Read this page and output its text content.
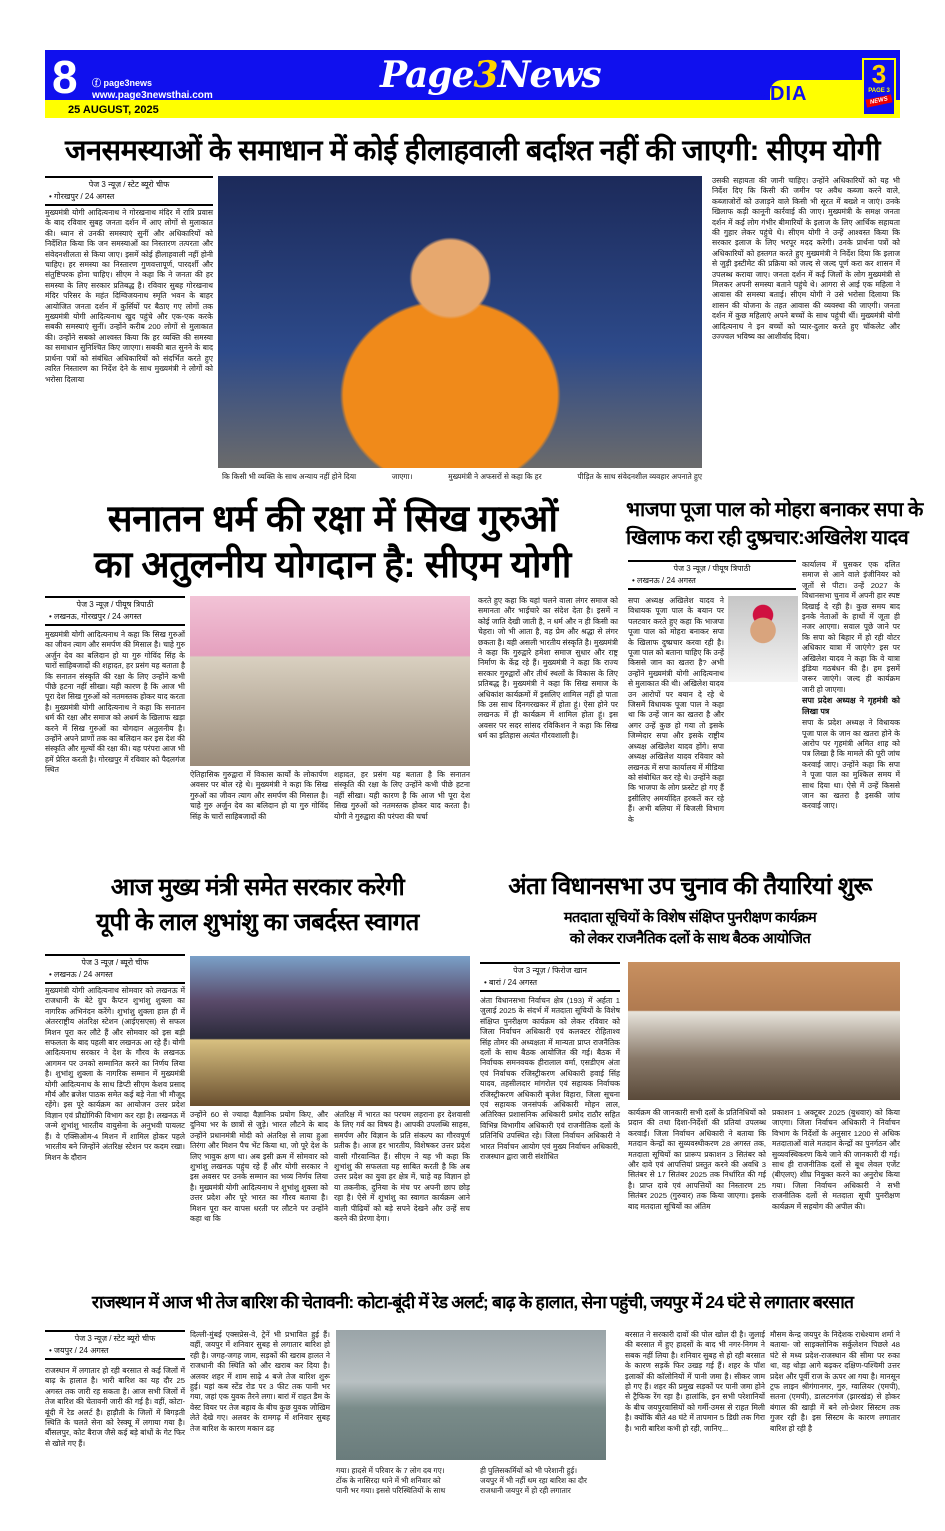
8 ⓕ page3news
www.page3newsthai.com
25 AUGUST, 2025
Page3News	INDIA
3
PAGE 3
NEWS
जनसमस्याओं के समाधान में कोई हीलाहवाली बर्दाश्त नहीं की जाएगी: सीएम योगी
पेज 3 न्यूज़ / स्टेट ब्यूरो चीफ
• गोरखपुर / 24 अगस्त
मुख्यमंत्री योगी आदित्यनाथ ने गोरखनाथ मंदिर में रात्रि प्रवास के बाद रविवार सुबह जनता दर्शन में आए लोगों से मुलाकात की। ध्यान से उनकी समस्याएं सुनीं और अधिकारियों को निर्देशित किया कि जन समस्याओं का निस्तारण तत्परता और संवेदनशीलता से किया जाए। इसमें कोई हीलाहवाली नहीं होनी चाहिए। हर समस्या का निस्तारण गुणवत्तापूर्ण, पारदर्शी और संतुष्टिपरक होना चाहिए। सीएम ने कहा कि ने जनता की हर समस्या के लिए सरकार प्रतिबद्ध है। रविवार सुबह गोरखनाथ मंदिर परिसर के महंत दिग्विजयनाथ स्मृति भवन के बाहर आयोजित जनता दर्शन में कुर्सियों पर बैठाए गए लोगों तक मुख्यमंत्री योगी आदित्यनाथ खुद पहुंचे और एक-एक करके सबकी समस्याएं सुनीं। उन्होंने करीब 200 लोगों से मुलाकात की। उन्होंने सबको आश्वस्त किया कि हर व्यक्ति की समस्या का समाधान सुनिश्चित किए जाएगा। सबकी बात सुनने के बाद प्रार्थना पत्रों को संबंधित अधिकारियों को संदर्भित करते हुए त्वरित निस्तारण का निर्देश देने के साथ मुख्यमंत्री ने लोगों को भरोसा दिलाया
कि किसी भी व्यक्ति के साथ अन्याय नहीं होने दिया	जाएगा।	मुख्यमंत्री ने अफसरों से कहा कि हर	पीड़ित के साथ संवेदनशील व्यवहार अपनाते हुए
उसकी सहायता की जानी चाहिए। उन्होंने अधिकारियों को यह भी निर्देश दिए कि किसी की जमीन पर अवैध कब्जा करने वाले, कब्जाजोरों को उजाड़ने वाले किसी भी सूरत में बख्शे न जाएं। उनके खिलाफ कड़ी कानूनी कार्रवाई की जाए। मुख्यमंत्री के समक्ष जनता दर्शन में कई लोग गंभीर बीमारियों के इलाज के लिए आर्थिक सहायता की गुहार लेकर पहुंचे थे। सीएम योगी ने उन्हें आश्वस्त किया कि सरकार इलाज के लिए भरपूर मदद करेगी। उनके प्रार्थना पत्रों को अधिकारियों को हस्तगत करते हुए मुख्यमंत्री ने निर्देश दिया कि इलाज से जुड़ी इस्टीमेट की प्रक्रिया को जल्द से जल्द पूर्ण करा कर शासन में उपलब्ध कराया जाए। जनता दर्शन में कई जिलों के लोग मुख्यमंत्री से मिलकर अपनी समस्या बताने पहुंचे थे। आगरा से आई एक महिला ने आवास की समस्या बताई। सीएम योगी ने उसे भरोसा दिलाया कि शासन की योजना के तहत आवास की व्यवस्था की जाएगी। जनता दर्शन में कुछ महिलाएं अपने बच्चों के साथ पहुंची थीं। मुख्यमंत्री योगी आदित्यनाथ ने इन बच्चों को प्यार-दुलार करते हुए चॉकलेट और उज्ज्वल भविष्य का आशीर्वाद दिया।
सनातन धर्म की रक्षा में सिख गुरुओं
का अतुलनीय योगदान है: सीएम योगी
पेज 3 न्यूज़ / पीयूष त्रिपाठी
• लखनऊ, गोरखपुर / 24 अगस्त
मुख्यमंत्री योगी आदित्यनाथ ने कहा कि सिख गुरुओं का जीवन त्याग और समर्पण की मिसाल है। चाहे गुरु अर्जुन देव का बलिदान हो या गुरु गोविंद सिंह के चारों साहिबजादों की शहादत, हर प्रसंग यह बताता है कि सनातन संस्कृति की रक्षा के लिए उन्होंने कभी पीछे हटना नहीं सीखा। यही कारण है कि आज भी पूरा देश सिख गुरुओं को नतमस्तक होकर याद करता है। मुख्यमंत्री योगी आदित्यनाथ ने कहा कि सनातन धर्म की रक्षा और समाज को अधर्म के खिलाफ खड़ा करने में सिख गुरुओं का योगदान अतुलनीय है। उन्होंने अपने प्राणों तक का बलिदान कर इस देश की संस्कृति और मूल्यों की रक्षा की। यह परंपरा आज भी हमें प्रेरित करती है। गोरखपुर में रविवार को पैदलगंज स्थित
ऐतिहासिक गुरुद्वारा में विकास कार्यों के लोकार्पण अवसर पर बोल रहे थे। मुख्यमंत्री ने कहा कि सिख गुरुओं का जीवन त्याग और समर्पण की मिसाल है। चाहे गुरु अर्जुन देव का बलिदान हो या गुरु गोविंद सिंह के चारों साहिबजादों की
शहादत, हर प्रसंग यह बताता है कि सनातन संस्कृति की रक्षा के लिए उन्होंने कभी पीछे हटना नहीं सीखा। यही कारण है कि आज भी पूरा देश सिख गुरुओं को नतमस्तक होकर याद करता है। योगी ने गुरुद्वारा की परंपरा की चर्चा
करते हुए कहा कि यहां चलने वाला लंगर समाज को समानता और भाईचारे का संदेश देता है। इसमें न कोई जाति देखी जाती है, न धर्म और न ही किसी का चेहरा। जो भी आता है, वह प्रेम और श्रद्धा से लंगर छकता है। यही असली भारतीय संस्कृति है। मुख्यमंत्री ने कहा कि गुरुद्वारे हमेशा समाज सुधार और राष्ट्र निर्माण के केंद्र रहे हैं। मुख्यमंत्री ने कहा कि राज्य सरकार गुरुद्वारों और तीर्थ स्थलों के विकास के लिए प्रतिबद्ध है। मुख्यमंत्री ने कहा कि सिख समाज के अधिकांश कार्यक्रमों में इसलिए शामिल नहीं हो पाता कि उस साथ दिनगरखकर में होता हूं। ऐसा होने पर लखनऊ में ही कार्यक्रम में शामिल होता हूं। इस अवसर पर सदर सांसद रविकिशन ने कहा कि सिख धर्म का इतिहास अत्यंत गौरवशाली है।
भाजपा पूजा पाल को मोहरा बनाकर सपा के
खिलाफ करा रही दुष्प्रचार:अखिलेश यादव
पेज 3 न्यूज़ / पीयूष त्रिपाठी
• लखनऊ / 24 अगस्त
सपा अध्यक्ष अखिलेश यादव ने विधायक पूजा पाल के बयान पर पलटवार करते हुए कहा कि भाजपा पूजा पाल को मोहरा बनाकर सपा के खिलाफ दुष्प्रचार करवा रही है। पूजा पाल को बताना चाहिए कि उन्हें किससे जान का खतरा है? अभी उन्होंने मुख्यमंत्री योगी आदित्यनाथ से मुलाकात की थी। अखिलेश यादव उन आरोपों पर बयान दे रहे थे जिसमें विधायक पूजा पाल ने कहा था कि उन्हें जान का खतरा है और अगर उन्हें कुछ हो गया तो इसके जिम्मेदार सपा और इसके राष्ट्रीय अध्यक्ष अखिलेश यादव होंगे। सपा अध्यक्ष अखिलेश यादव रविवार को लखनऊ में सपा कार्यालय में मीडिया को संबोधित कर रहे थे। उन्होंने कहा कि भाजपा के लोग फ्रस्टेट हो गए हैं इसीलिए अमर्यादित हरकतें कर रहे हैं। अभी बलिया में बिजली विभाग के

कार्यालय में घुसकर एक दलित समाज से आने वाले इंजीनियर को जूतों से पीटा। उन्हें 2027 के विधानसभा चुनाव में अपनी हार स्पष्ट दिखाई दे रही है। कुछ समय बाद इनके नेताओं के हाथों में जूता ही नजर आएगा। सवाल पूछे जाने पर कि सपा को बिहार में हो रही वोटर अधिकार यात्रा में जाएंगे? इस पर अखिलेश यादव ने कहा कि वे यात्रा इंडिया गठबंधन की है। हम इसमें जरूर जाएंगे। जल्द ही कार्यक्रम जारी हो जाएगा।

सपा प्रदेश अध्यक्ष ने गृहमंत्री को लिखा पत्र

सपा के प्रदेश अध्यक्ष ने विधायक पूजा पाल के जान का खतरा होने के आरोप पर गृहमंत्री अमित शाह को पत्र लिखा है कि मामले की पूरी जांच करवाई जाए। उन्होंने कहा कि सपा ने पूजा पाल का मुश्किल समय में साथ दिया था। ऐसे में उन्हें किससे जान का खतरा है इसकी जांच करवाई जाए।

आज मुख्य मंत्री समेत सरकार करेगी
यूपी के लाल शुभांशु का जबर्दस्त स्वागत
पेज 3 न्यूज़ / ब्यूरो चीफ
• लखनऊ / 24 अगस्त
मुख्यमंत्री योगी आदित्यनाथ सोमवार को लखनऊ में राजधानी के बेटे ग्रुप कैप्टन शुभांशु शुक्ला का नागरिक अभिनंदन करेंगे। शुभांशु शुक्ला हाल ही में अंतरराष्ट्रीय अंतरिक्ष स्टेशन (आईएसएस) से सफल मिशन पूरा कर लौटे हैं और सोमवार को इस बड़ी सफलता के बाद पहली बार लखनऊ आ रहे हैं। योगी आदित्यनाथ सरकार ने देश के गौरव के लखनऊ आगमन पर उनको सम्मानित करने का निर्णय लिया है। शुभांशु शुक्ला के नागरिक सम्मान में मुख्यमंत्री योगी आदित्यनाथ के साथ डिप्टी सीएम केशव प्रसाद मौर्य और ब्रजेश पाठक समेत कई बड़े नेता भी मौजूद रहेंगे। इस पूरे कार्यक्रम का आयोजन उत्तर प्रदेश विज्ञान एवं प्रौद्योगिकी विभाग कर रहा है। लखनऊ में जन्मे शुभांशु भारतीय वायुसेना के अनुभवी पायलट हैं। वे एक्सिओम-4 मिशन में शामिल होकर पहले भारतीय बने जिन्होंने अंतरिक्ष स्टेशन पर कदम रखा। मिशन के दौरान
उन्होंने 60 से ज्यादा वैज्ञानिक प्रयोग किए, और दुनिया भर के छात्रों से जुड़े। भारत लौटने के बाद उन्होंने प्रधानमंत्री मोदी को अंतरिक्ष से लाया हुआ तिरंगा और मिशन पैच भेंट किया था, जो पूरे देश के लिए भावुक क्षण था। अब इसी क्रम में सोमवार को शुभांशु लखनऊ पहुंच रहे हैं और योगी सरकार ने इस अवसर पर उनके सम्मान का भव्य निर्णय लिया है। मुख्यमंत्री योगी आदित्यनाथ ने शुभांशु शुक्ला को उत्तर प्रदेश और पूरे भारत का गौरव बताया है। मिशन पूरा कर वापस धरती पर लौटने पर उन्होंने कहा था कि
अंतरिक्ष में भारत का परचम लहराना हर देशवासी के लिए गर्व का विषय है। आपकी उपलब्धि साहस, समर्पण और विज्ञान के प्रति संकल्प का गौरवपूर्ण प्रतीक है। आज हर भारतीय, विशेषकर उत्तर प्रदेश वासी गौरवान्वित हैं। सीएम ने यह भी कहा कि शुभांशु की सफलता यह साबित करती है कि अब उत्तर प्रदेश का युवा हर क्षेत्र में, चाहे वह विज्ञान हो या तकनीक, दुनिया के मंच पर अपनी छाप छोड़ रहा है। ऐसे में शुभांशु का स्वागत कार्यक्रम आने वाली पीढ़ियों को बड़े सपने देखने और उन्हें सच करने की प्रेरणा देगा।
अंता विधानसभा उप चुनाव की तैयारियां शुरू
मतदाता सूचियों के विशेष संक्षिप्त पुनरीक्षण कार्यक्रम
को लेकर राजनैतिक दलों के साथ बैठक आयोजित
पेज 3 न्यूज़ / फिरोज खान
• बारां / 24 अगस्त
अंता विधानसभा निर्वाचन क्षेत्र (193) में अर्हता 1 जुलाई 2025 के संदर्भ में मतदाता सूचियों के विशेष संक्षिप्त पुनरीक्षण कार्यक्रम को लेकर रविवार को जिला निर्वाचन अधिकारी एवं कलक्टर रोहिताश्व सिंह तोमर की अध्यक्षता में मान्यता प्राप्त राजनैतिक दलों के साथ बैठक आयोजित की गई। बैठक में निर्वाचक समनवयक हीरालाल वर्मा, एसडीएम अंता एवं निर्वाचक रजिस्ट्रीकरण अधिकारी हवाई सिंह यादव, तहसीलदार मांगरोल एवं सहायक निर्वाचक रजिस्ट्रीकरण अधिकारी बृजेश विहारा, जिला सूचना एवं सहायक जनसंपर्क अधिकारी मोहन लाल, अतिरिक्त प्रशासनिक अधिकारी प्रमोद राठौर सहित विभिन्न विभागीय अधिकारी एवं राजनीतिक दलों के प्रतिनिधि उपस्थित रहे। जिला निर्वाचन अधिकारी ने भारत निर्वाचन आयोग एवं मुख्य निर्वाचन अधिकारी, राजस्थान द्वारा जारी संशोधित
कार्यक्रम की जानकारी सभी दलों के प्रतिनिधियों को प्रदान की तथा दिशा-निर्देशों की प्रतियां उपलब्ध करवाईं। जिला निर्वाचन अधिकारी ने बताया कि मतदान केन्द्रों का सुव्यवस्थीकरण 28 अगस्त तक, मतदाता सूचियों का प्रारूप प्रकाशन 3 सितंबर को और दावे एवं आपत्तियां प्रस्तुत करने की अवधि 3 सितंबर से 17 सितंबर 2025 तक निर्धारित की गई है। प्राप्त दावे एवं आपत्तियों का निस्तारण 25 सितंबर 2025 (गुरुवार) तक किया जाएगा। इसके बाद मतदाता सूचियों का अंतिम
प्रकाशन 1 अक्टूबर 2025 (बुधवार) को किया जाएगा। जिला निर्वाचन अधिकारी ने निर्वाचन विभाग के निर्देशों के अनुसार 1200 से अधिक मतदाताओं वाले मतदान केन्द्रों का पुनर्गठन और सुव्यवस्थिकरण किये जाने की जानकारी दी गई। साथ ही राजनीतिक दलों से बूथ लेवल एजेंट (बीएलए) शीघ्र नियुक्त करने का अनुरोध किया गया। जिला निर्वाचन अधिकारी ने सभी राजनीतिक दलों से मतदाता सूची पुनरीक्षण कार्यक्रम में सहयोग की अपील की।
राजस्थान में आज भी तेज बारिश की चेतावनी: कोटा-बूंदी में रेड अलर्ट; बाढ़ के हालात, सेना पहुंची, जयपुर में 24 घंटे से लगातार बरसात
पेज 3 न्यूज़ / स्टेट ब्यूरो चीफ
• जयपुर / 24 अगस्त
राजस्थान में लगातार हो रही बरसात से कई जिलों में बाढ़ के हालात है। भारी बारिश का यह दौर 25 अगस्त तक जारी रह सकता है। आज सभी जिलों में तेज बारिश की चेतावनी जारी की गई है। वहीं, कोटा-बूंदी में रेड अलर्ट है। हाड़ौती के जिलों में बिगड़ती स्थिति के चलते सेना को रेस्क्यू में लगाया गया है। बौंसलपुर, कोट बैराज जैसे कई बड़े बांधों के गेट फिर से खोले गए हैं।
दिल्ली-मुंबई एक्सप्रेस-वे, ट्रेनें भी प्रभावित हुई हैं। वहीं, जयपुर में शनिवार सुबह से लगातार बारिश हो रही है। जगह-जगह जाम, सड़कों की खराब हालत ने राजधानी की स्थिति को और खराब कर दिया है। अलवर शहर में शाम साढ़े 4 बजे तेज बारिश शुरू हुई। यहां कब स्टेंड रोड पर 3 फीट तक पानी भर गया, जहां एक युवक तैरने लगा। बारां में राहत डैम के वेस्ट वियर पर तेज बहाव के बीच कुछ युवक जोखिम लेते देखे गए। अलवर के रामगढ़ में शनिवार सुबह तेज बारिश के कारण मकान ढह
गया। हादसे में परिवार के 7 लोग दब गए।
टोंक के नासिरदा थाने में भी शनिवार को
पानी भर गया। इससे परिस्थितियों के साथ
ही पुलिसकर्मियों को भी परेशानी हुई।
जयपुर में भी नहीं थम रहा बारिश का दौर
राजधानी जयपुर में हो रही लगातार
बरसात ने सरकारी दावों की पोल खोल दी है। जुलाई की बरसात में हुए हादसों के बाद भी नगर-निगम ने सबक नहीं लिया है। शनिवार सुबह से हो रही बरसात के कारण सड़कें फिर उखड़ गई हैं। शहर के पॉश इलाकों की कॉलोनियों में पानी जमा है। सीकर जाम हो गए हैं। शहर की प्रमुख सड़कों पर पानी जमा होने से ट्रैफिक रेंग रहा है। हालांकि, इन सभी परेशानियों के बीच जयपुरवासियों को गर्मी-उमस से राहत मिली है। क्योंकि बीते 48 घंटे में तापमान 5 डिग्री तक गिरा है। भारी बारिश कभी हो रही, जानिए...
मौसम केन्द्र जयपुर के निदेशक राधेश्याम शर्मा ने बताया- जो साइक्लोनिक सर्कुलेशन पिछले 48 घंटे से मध्य प्रदेश-राजस्थान की सीमा पर रुका था, वह थोड़ा आगे बढ़कर दक्षिण-पश्चिमी उत्तर प्रदेश और पूर्वी राज के ऊपर आ गया है। मानसून ट्रफ लाइन श्रीगंगानगर, गुरु, ग्वालियर (एमपी), सतना (एमपी), डालटनगंज (झारखंड) से होकर बंगाल की खाड़ी में बने लो-प्रेशर सिस्टम तक गुजर रही है। इस सिस्टम के कारण लगातार बारिश हो रही है
